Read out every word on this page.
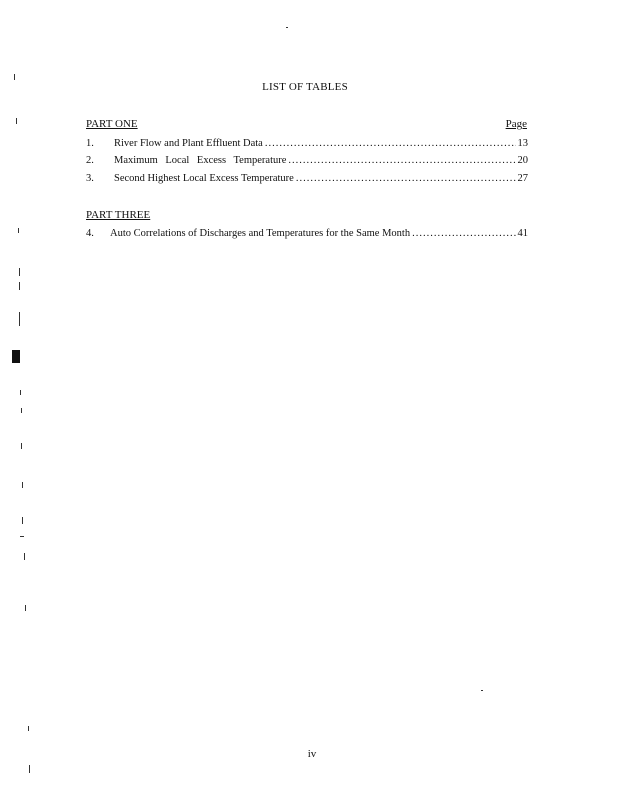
LIST OF TABLES
PART ONE	Page
1.	River Flow and Plant Effluent Data .....	13
2.	Maximum Local Excess Temperature .....	20
3.	Second Highest Local Excess Temperature .....	27
PART THREE
4.	Auto Correlations of Discharges and Temperatures for the Same Month .....	41
iv
